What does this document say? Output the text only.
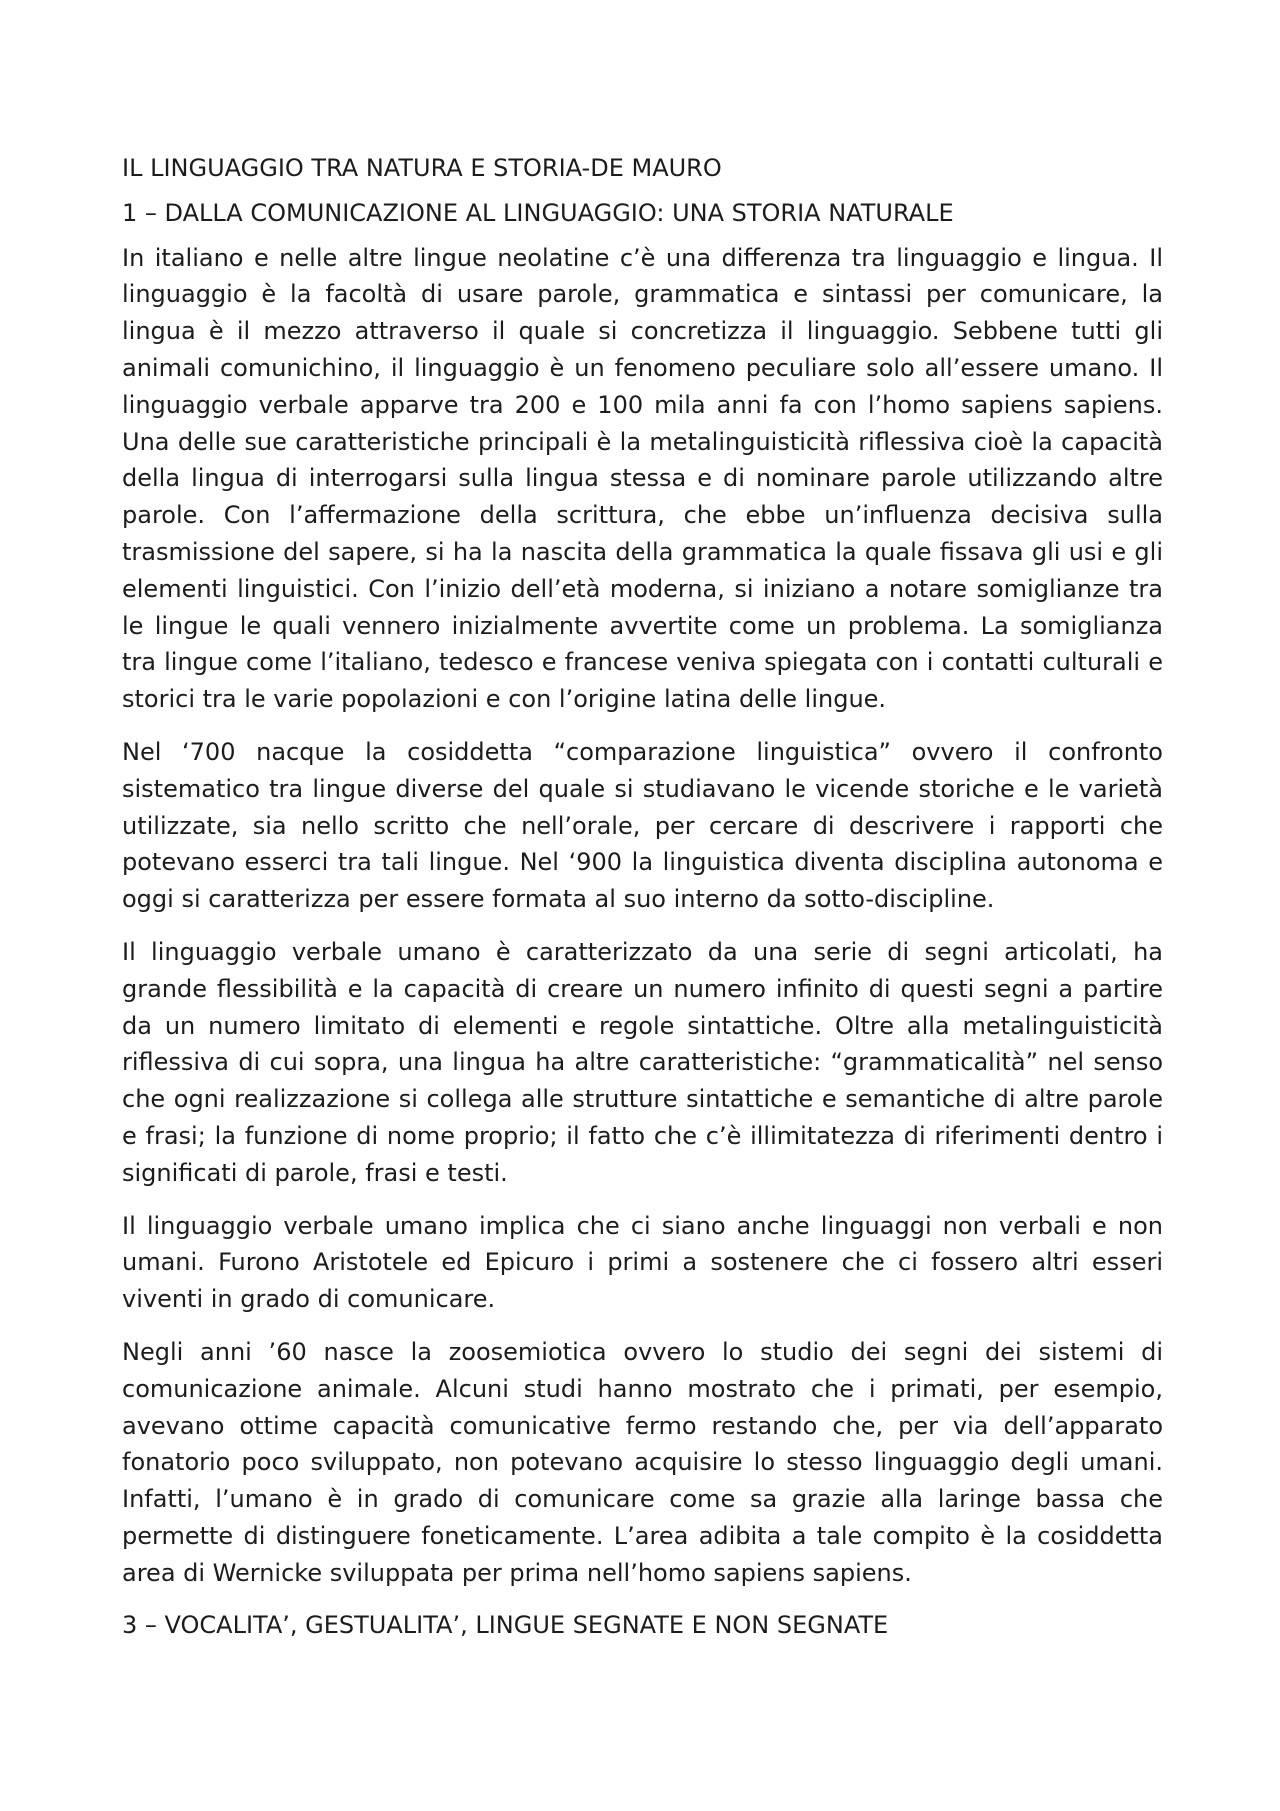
IL LINGUAGGIO TRA NATURA E STORIA-DE MAURO

1 – DALLA COMUNICAZIONE AL LINGUAGGIO: UNA STORIA NATURALE

In italiano e nelle altre lingue neolatine c’è una differenza tra linguaggio e lingua. Il linguaggio è la facoltà di usare parole, grammatica e sintassi per comunicare, la lingua è il mezzo attraverso il quale si concretizza il linguaggio. Sebbene tutti gli animali comunichino, il linguaggio è un fenomeno peculiare solo all’essere umano. Il linguaggio verbale apparve tra 200 e 100 mila anni fa con l’homo sapiens sapiens. Una delle sue caratteristiche principali è la metalinguisticità riflessiva cioè la capacità della lingua di interrogarsi sulla lingua stessa e di nominare parole utilizzando altre parole. Con l’affermazione della scrittura, che ebbe un’influenza decisiva sulla trasmissione del sapere, si ha la nascita della grammatica la quale fissava gli usi e gli elementi linguistici. Con l’inizio dell’età moderna, si iniziano a notare somiglianze tra le lingue le quali vennero inizialmente avvertite come un problema. La somiglianza tra lingue come l’italiano, tedesco e francese veniva spiegata con i contatti culturali e storici tra le varie popolazioni e con l’origine latina delle lingue.

Nel ‘700 nacque la cosiddetta “comparazione linguistica” ovvero il confronto sistematico tra lingue diverse del quale si studiavano le vicende storiche e le varietà utilizzate, sia nello scritto che nell’orale, per cercare di descrivere i rapporti che potevano esserci tra tali lingue. Nel ‘900 la linguistica diventa disciplina autonoma e oggi si caratterizza per essere formata al suo interno da sotto-discipline.

Il linguaggio verbale umano è caratterizzato da una serie di segni articolati, ha grande flessibilità e la capacità di creare un numero infinito di questi segni a partire da un numero limitato di elementi e regole sintattiche. Oltre alla metalinguisticità riflessiva di cui sopra, una lingua ha altre caratteristiche: “grammaticalità” nel senso che ogni realizzazione si collega alle strutture sintattiche e semantiche di altre parole e frasi; la funzione di nome proprio; il fatto che c’è illimitatezza di riferimenti dentro i significati di parole, frasi e testi.

Il linguaggio verbale umano implica che ci siano anche linguaggi non verbali e non umani. Furono Aristotele ed Epicuro i primi a sostenere che ci fossero altri esseri viventi in grado di comunicare.

Negli anni ’60 nasce la zoosemiotica ovvero lo studio dei segni dei sistemi di comunicazione animale. Alcuni studi hanno mostrato che i primati, per esempio, avevano ottime capacità comunicative fermo restando che, per via dell’apparato fonatorio poco sviluppato, non potevano acquisire lo stesso linguaggio degli umani. Infatti, l’umano è in grado di comunicare come sa grazie alla laringe bassa che permette di distinguere foneticamente. L’area adibita a tale compito è la cosiddetta area di Wernicke sviluppata per prima nell’homo sapiens sapiens.

3 – VOCALITA’, GESTUALITA’, LINGUE SEGNATE E NON SEGNATE
